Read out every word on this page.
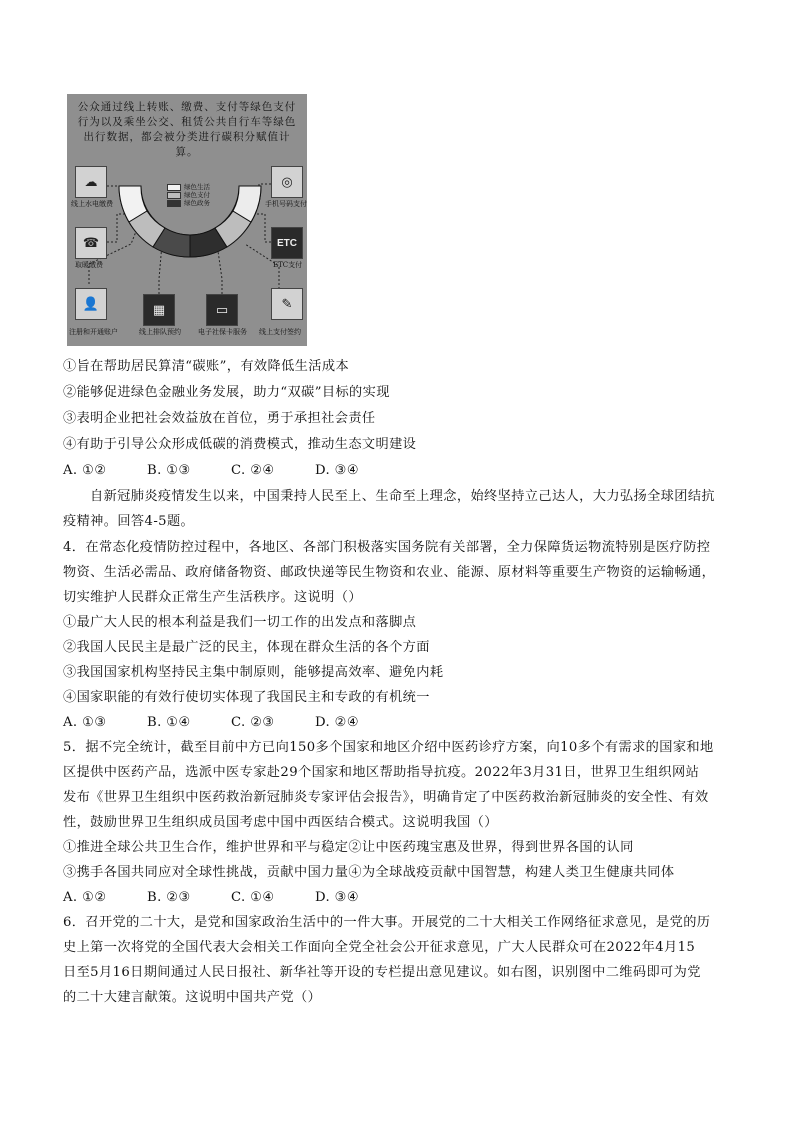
公众通过线上转账、缴费、支付等绿色支付行为以及乘坐公交、租赁公共自行车等绿色出行数据，都会被分类进行碳积分赋值计算。
绿色生活
绿色支付
绿色政务
☁
线上水电缴费
☎
取暖缴费
👤
注册和开通账户
▦
线上排队预约
▭
电子社保卡服务
✎
线上支付签约
ETC
ETC支付
◎
手机号码支付
①旨在帮助居民算清“碳账”，有效降低生活成本
②能够促进绿色金融业务发展，助力“双碳”目标的实现
③表明企业把社会效益放在首位，勇于承担社会责任
④有助于引导公众形成低碳的消费模式，推动生态文明建设
A. ①②	B. ①③	C. ②④	D. ③④
自新冠肺炎疫情发生以来，中国秉持人民至上、生命至上理念，始终坚持立己达人，大力弘扬全球团结抗
疫精神。回答4-5题。
4．在常态化疫情防控过程中，各地区、各部门积极落实国务院有关部署，全力保障货运物流特别是医疗防控
物资、生活必需品、政府储备物资、邮政快递等民生物资和农业、能源、原材料等重要生产物资的运输畅通，
切实维护人民群众正常生产生活秩序。这说明（）
①最广大人民的根本利益是我们一切工作的出发点和落脚点
②我国人民民主是最广泛的民主，体现在群众生活的各个方面
③我国国家机构坚持民主集中制原则，能够提高效率、避免内耗
④国家职能的有效行使切实体现了我国民主和专政的有机统一
A. ①③	B. ①④	C. ②③	D. ②④
5．据不完全统计，截至目前中方已向150多个国家和地区介绍中医药诊疗方案，向10多个有需求的国家和地
区提供中医药产品，选派中医专家赴29个国家和地区帮助指导抗疫。2022年3月31日，世界卫生组织网站
发布《世界卫生组织中医药救治新冠肺炎专家评估会报告》，明确肯定了中医药救治新冠肺炎的安全性、有效
性，鼓励世界卫生组织成员国考虑中国中西医结合模式。这说明我国（）
①推进全球公共卫生合作，维护世界和平与稳定②让中医药瑰宝惠及世界，得到世界各国的认同
③携手各国共同应对全球性挑战，贡献中国力量④为全球战疫贡献中国智慧，构建人类卫生健康共同体
A. ①②	B. ②③	C. ①④	D. ③④
6．召开党的二十大，是党和国家政治生活中的一件大事。开展党的二十大相关工作网络征求意见，是党的历
史上第一次将党的全国代表大会相关工作面向全党全社会公开征求意见，广大人民群众可在2022年4月15
日至5月16日期间通过人民日报社、新华社等开设的专栏提出意见建议。如右图，识别图中二维码即可为党
的二十大建言献策。这说明中国共产党（）
